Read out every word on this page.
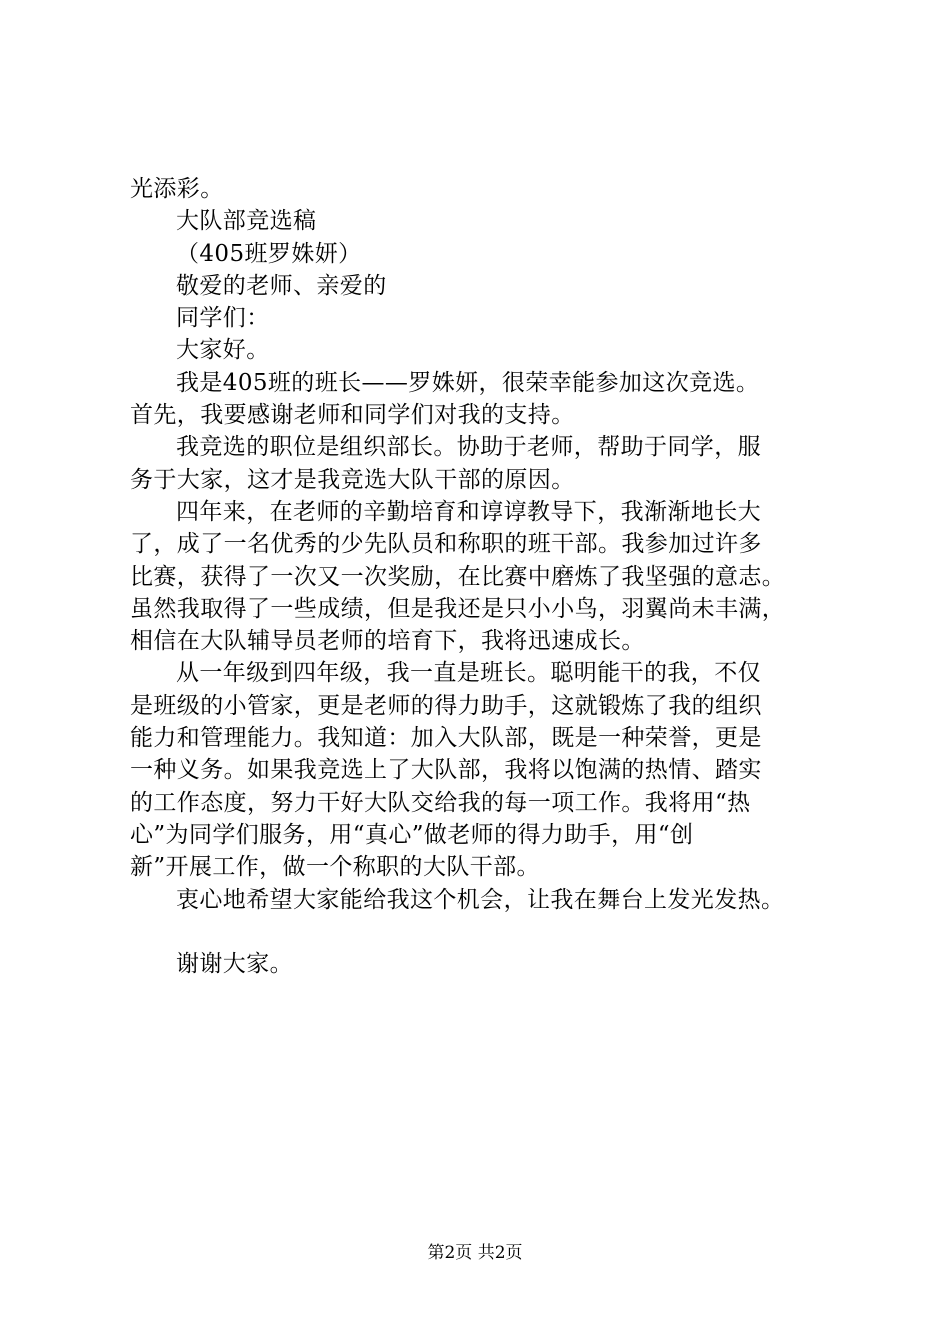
光添彩。
大队部竞选稿
（405班罗姝妍）
敬爱的老师、亲爱的
同学们：
大家好。
我是405班的班长——罗姝妍，很荣幸能参加这次竞选。
首先，我要感谢老师和同学们对我的支持。
我竞选的职位是组织部长。协助于老师，帮助于同学，服
务于大家，这才是我竞选大队干部的原因。
四年来，在老师的辛勤培育和谆谆教导下，我渐渐地长大
了，成了一名优秀的少先队员和称职的班干部。我参加过许多
比赛，获得了一次又一次奖励，在比赛中磨炼了我坚强的意志。
虽然我取得了一些成绩，但是我还是只小小鸟，羽翼尚未丰满，
相信在大队辅导员老师的培育下，我将迅速成长。
从一年级到四年级，我一直是班长。聪明能干的我，不仅
是班级的小管家，更是老师的得力助手，这就锻炼了我的组织
能力和管理能力。我知道：加入大队部，既是一种荣誉，更是
一种义务。如果我竞选上了大队部，我将以饱满的热情、踏实
的工作态度，努力干好大队交给我的每一项工作。我将用“热
心”为同学们服务，用“真心”做老师的得力助手，用“创
新”开展工作，做一个称职的大队干部。
衷心地希望大家能给我这个机会，让我在舞台上发光发热。
谢谢大家。
第2页 共2页
